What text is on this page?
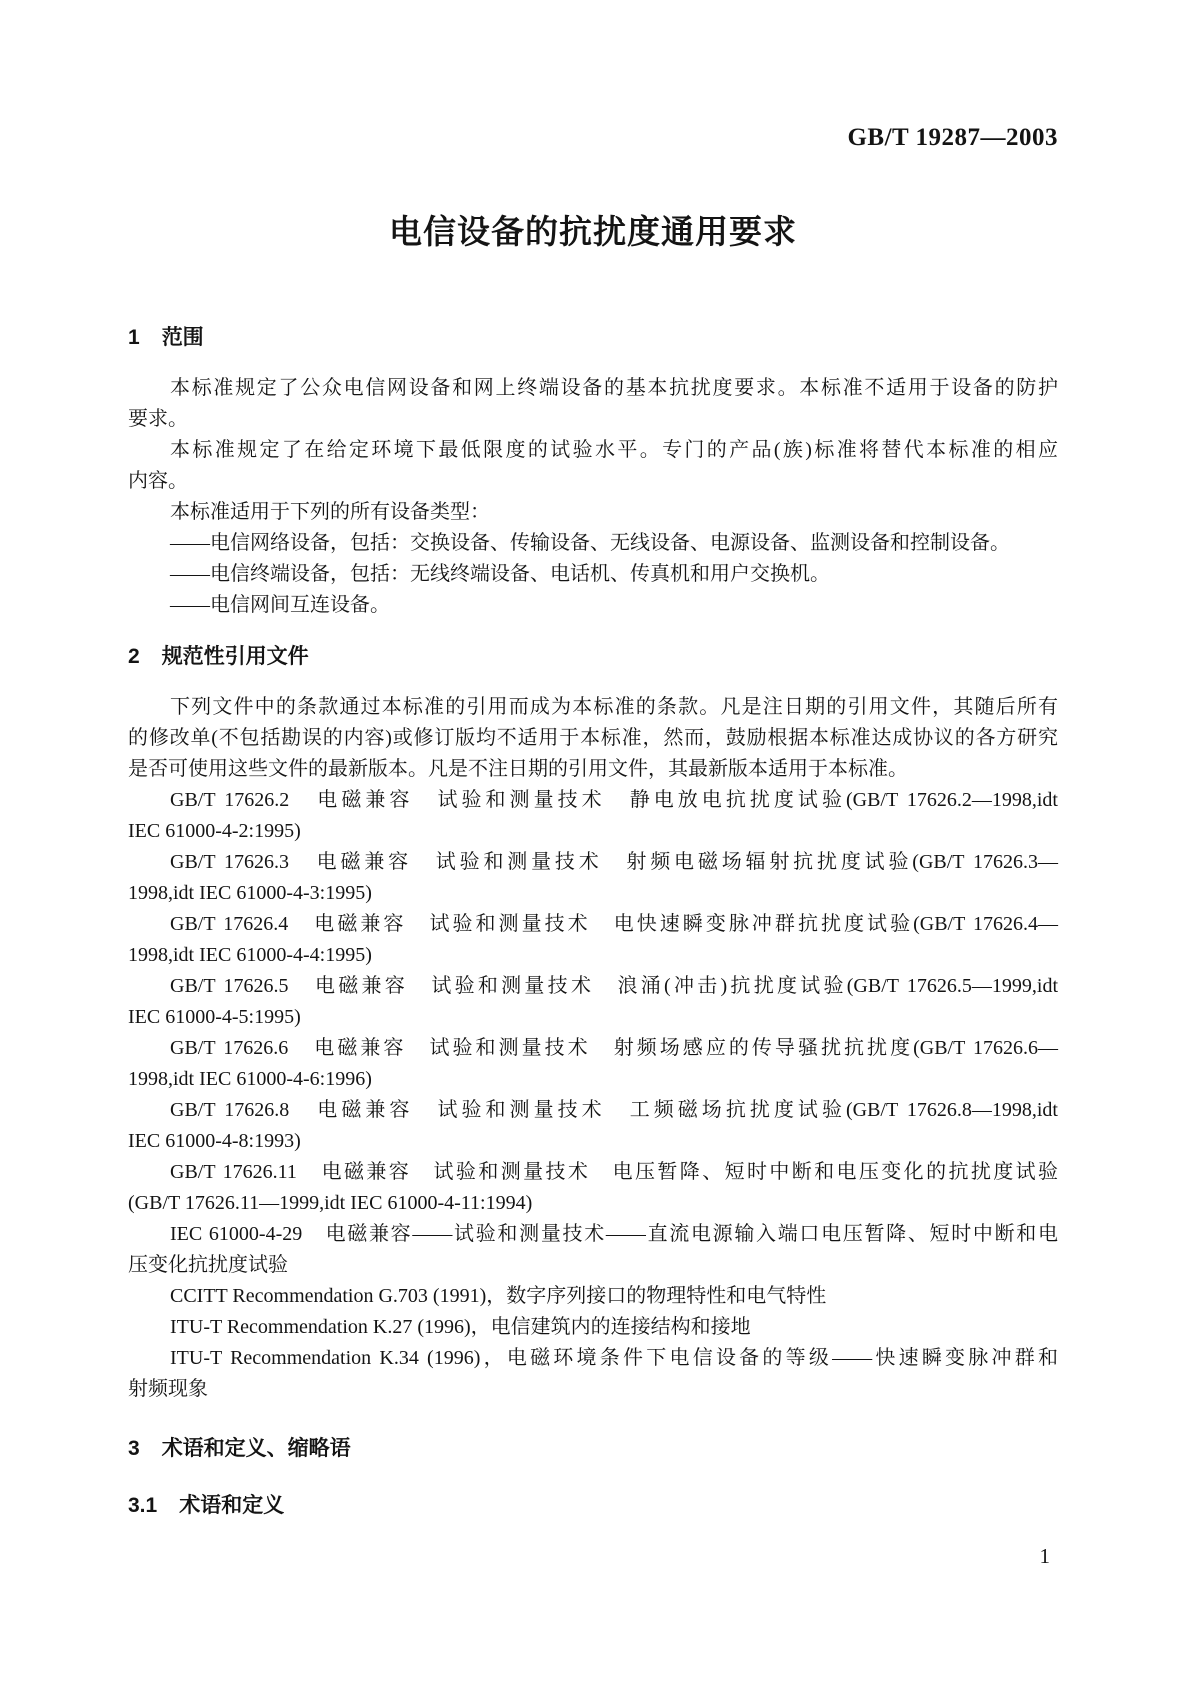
GB/T 19287—2003
电信设备的抗扰度通用要求
1 范围
本标准规定了公众电信网设备和网上终端设备的基本抗扰度要求。本标准不适用于设备的防护
要求。
本标准规定了在给定环境下最低限度的试验水平。专门的产品(族)标准将替代本标准的相应
内容。
本标准适用于下列的所有设备类型：
——电信网络设备，包括：交换设备、传输设备、无线设备、电源设备、监测设备和控制设备。
——电信终端设备，包括：无线终端设备、电话机、传真机和用户交换机。
——电信网间互连设备。
2 规范性引用文件
下列文件中的条款通过本标准的引用而成为本标准的条款。凡是注日期的引用文件，其随后所有
的修改单(不包括勘误的内容)或修订版均不适用于本标准，然而，鼓励根据本标准达成协议的各方研究
是否可使用这些文件的最新版本。凡是不注日期的引用文件，其最新版本适用于本标准。
GB/T 17626.2　电磁兼容　试验和测量技术　静电放电抗扰度试验(GB/T 17626.2—1998,idt
IEC 61000-4-2:1995)
GB/T 17626.3　电磁兼容　试验和测量技术　射频电磁场辐射抗扰度试验(GB/T 17626.3—
1998,idt IEC 61000-4-3:1995)
GB/T 17626.4　电磁兼容　试验和测量技术　电快速瞬变脉冲群抗扰度试验(GB/T 17626.4—
1998,idt IEC 61000-4-4:1995)
GB/T 17626.5　电磁兼容　试验和测量技术　浪涌(冲击)抗扰度试验(GB/T 17626.5—1999,idt
IEC 61000-4-5:1995)
GB/T 17626.6　电磁兼容　试验和测量技术　射频场感应的传导骚扰抗扰度(GB/T 17626.6—
1998,idt IEC 61000-4-6:1996)
GB/T 17626.8　电磁兼容　试验和测量技术　工频磁场抗扰度试验(GB/T 17626.8—1998,idt
IEC 61000-4-8:1993)
GB/T 17626.11　电磁兼容　试验和测量技术　电压暂降、短时中断和电压变化的抗扰度试验
(GB/T 17626.11—1999,idt IEC 61000-4-11:1994)
IEC 61000-4-29　电磁兼容——试验和测量技术——直流电源输入端口电压暂降、短时中断和电
压变化抗扰度试验
CCITT Recommendation G.703 (1991)，数字序列接口的物理特性和电气特性
ITU-T Recommendation K.27 (1996)，电信建筑内的连接结构和接地
ITU-T Recommendation K.34 (1996)，电磁环境条件下电信设备的等级——快速瞬变脉冲群和
射频现象
3 术语和定义、缩略语
3.1 术语和定义
1
